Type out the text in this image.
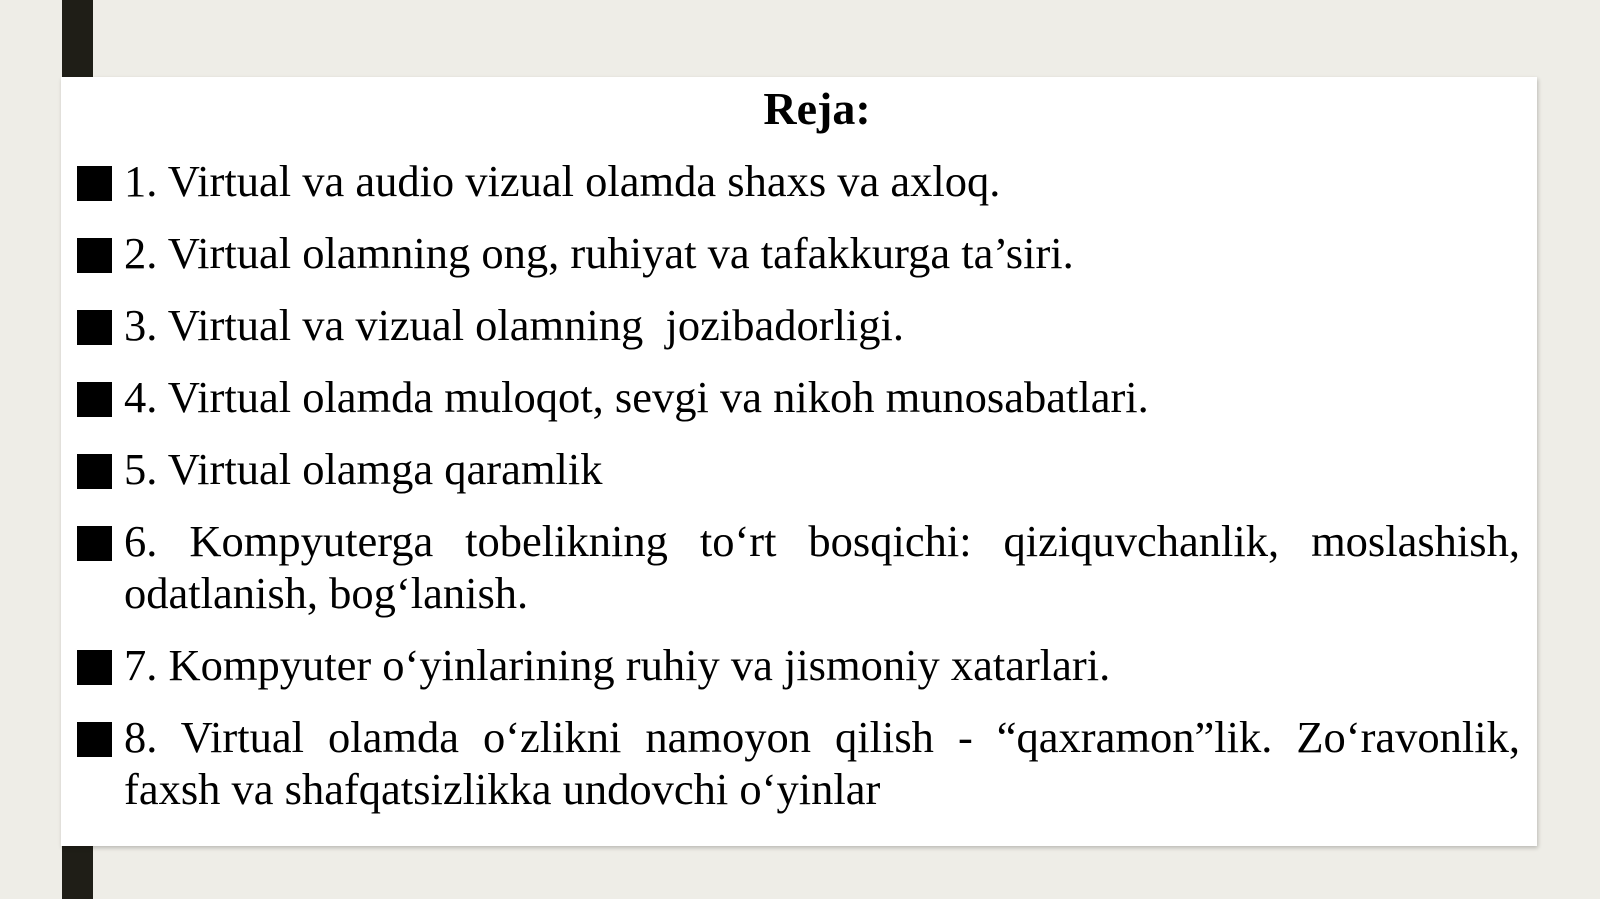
Reja:
1. Virtual va audio vizual olamda shaxs va axloq.
2. Virtual olamning ong, ruhiyat va tafakkurga ta’siri.
3. Virtual va vizual olamning  jozibadorligi.
4. Virtual olamda muloqot, sevgi va nikoh munosabatlari.
5. Virtual olamga qaramlik
6. Kompyuterga tobelikning to‘rt bosqichi: qiziquvchanlik, moslashish, odatlanish, bog‘lanish.
7. Kompyuter o‘yinlarining ruhiy va jismoniy xatarlari.
8. Virtual olamda o‘zlikni namoyon qilish - “qaxramon”lik. Zo‘ravonlik, faxsh va shafqatsizlikka undovchi o‘yinlar
